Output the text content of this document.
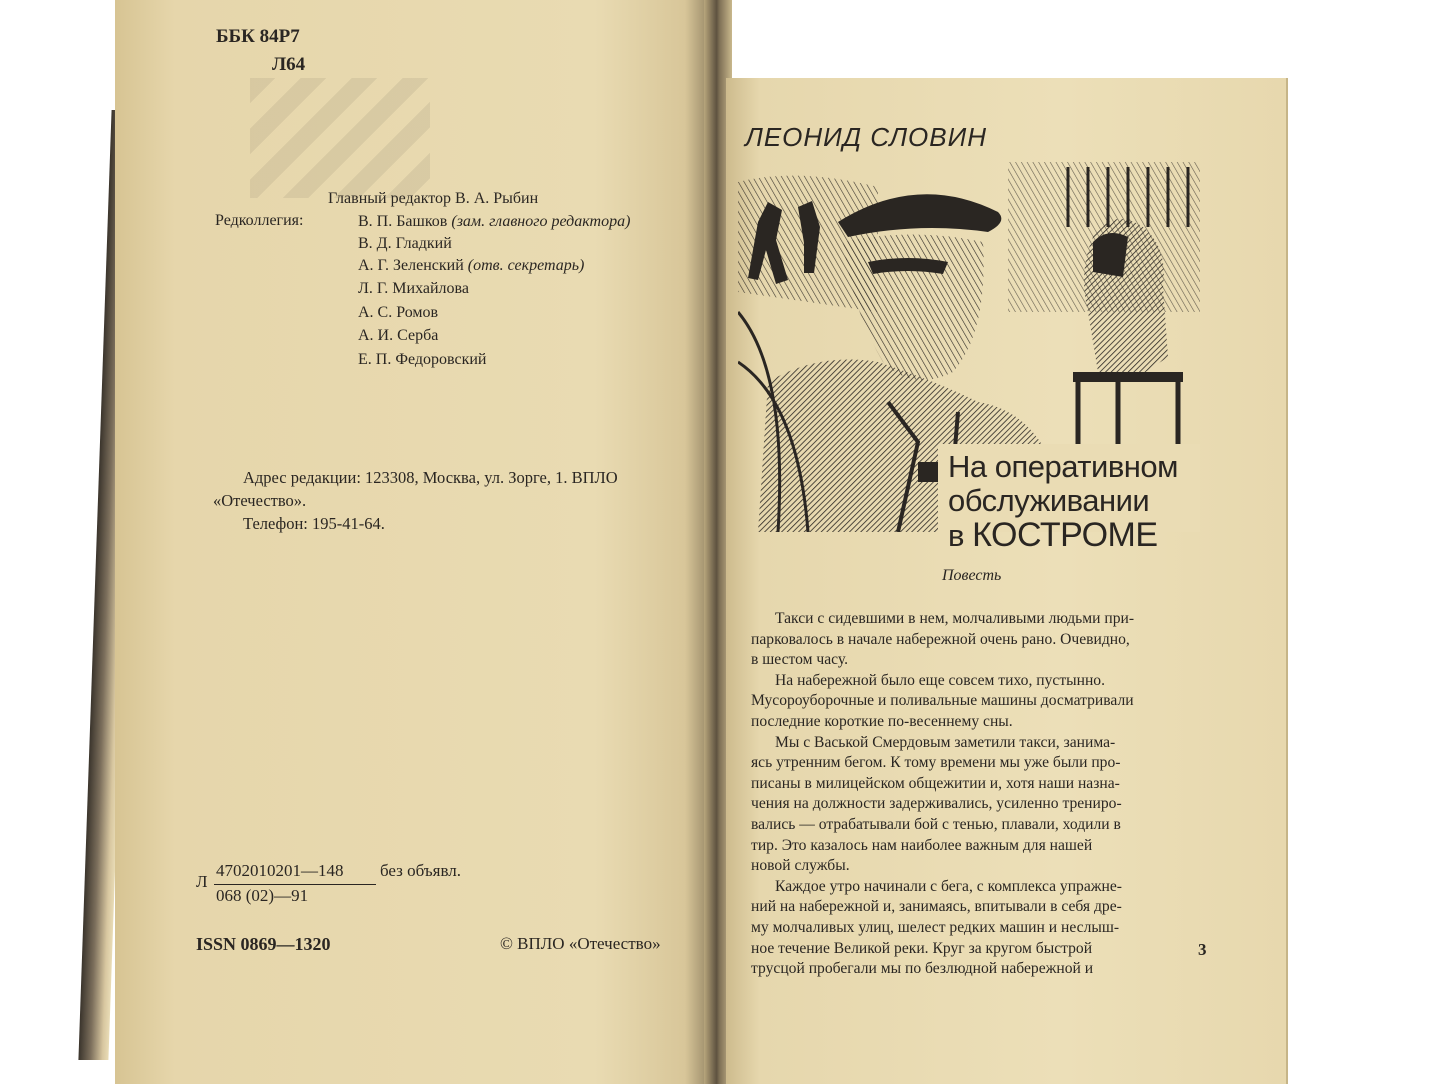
ББК 84Р7
Л64
Главный редактор В. А. Рыбин
Редколлегия:	В. П. Башков (зам. главного редактора)
В. Д. Гладкий
А. Г. Зеленский (отв. секретарь)
Л. Г. Михайлова
А. С. Ромов
А. И. Серба
Е. П. Федоровский
Адрес редакции: 123308, Москва, ул. Зорге, 1. ВПЛО
«Отечество».
Телефон: 195-41-64.
Л
4702010201—148
068 (02)—91
без объявл.
ISSN 0869—1320	© ВПЛО «Отечество»
ЛЕОНИД СЛОВИН
На оперативном
обслуживании
в КОСТРОМЕ
Повесть
Такси с сидевшими в нем, молчаливыми людьми при-
парковалось в начале набережной очень рано. Очевидно,
в шестом часу.
На набережной было еще совсем тихо, пустынно.
Мусороуборочные и поливальные машины досматривали
последние короткие по-весеннему сны.
Мы с Васькой Смердовым заметили такси, занима-
ясь утренним бегом. К тому времени мы уже были про-
писаны в милицейском общежитии и, хотя наши назна-
чения на должности задерживались, усиленно трениро-
вались — отрабатывали бой с тенью, плавали, ходили в
тир. Это казалось нам наиболее важным для нашей
новой службы.
Каждое утро начинали с бега, с комплекса упражне-
ний на набережной и, занимаясь, впитывали в себя дре-
му молчаливых улиц, шелест редких машин и неслыш-
ное течение Великой реки. Круг за кругом быстрой
трусцой пробегали мы по безлюдной набережной и
3
